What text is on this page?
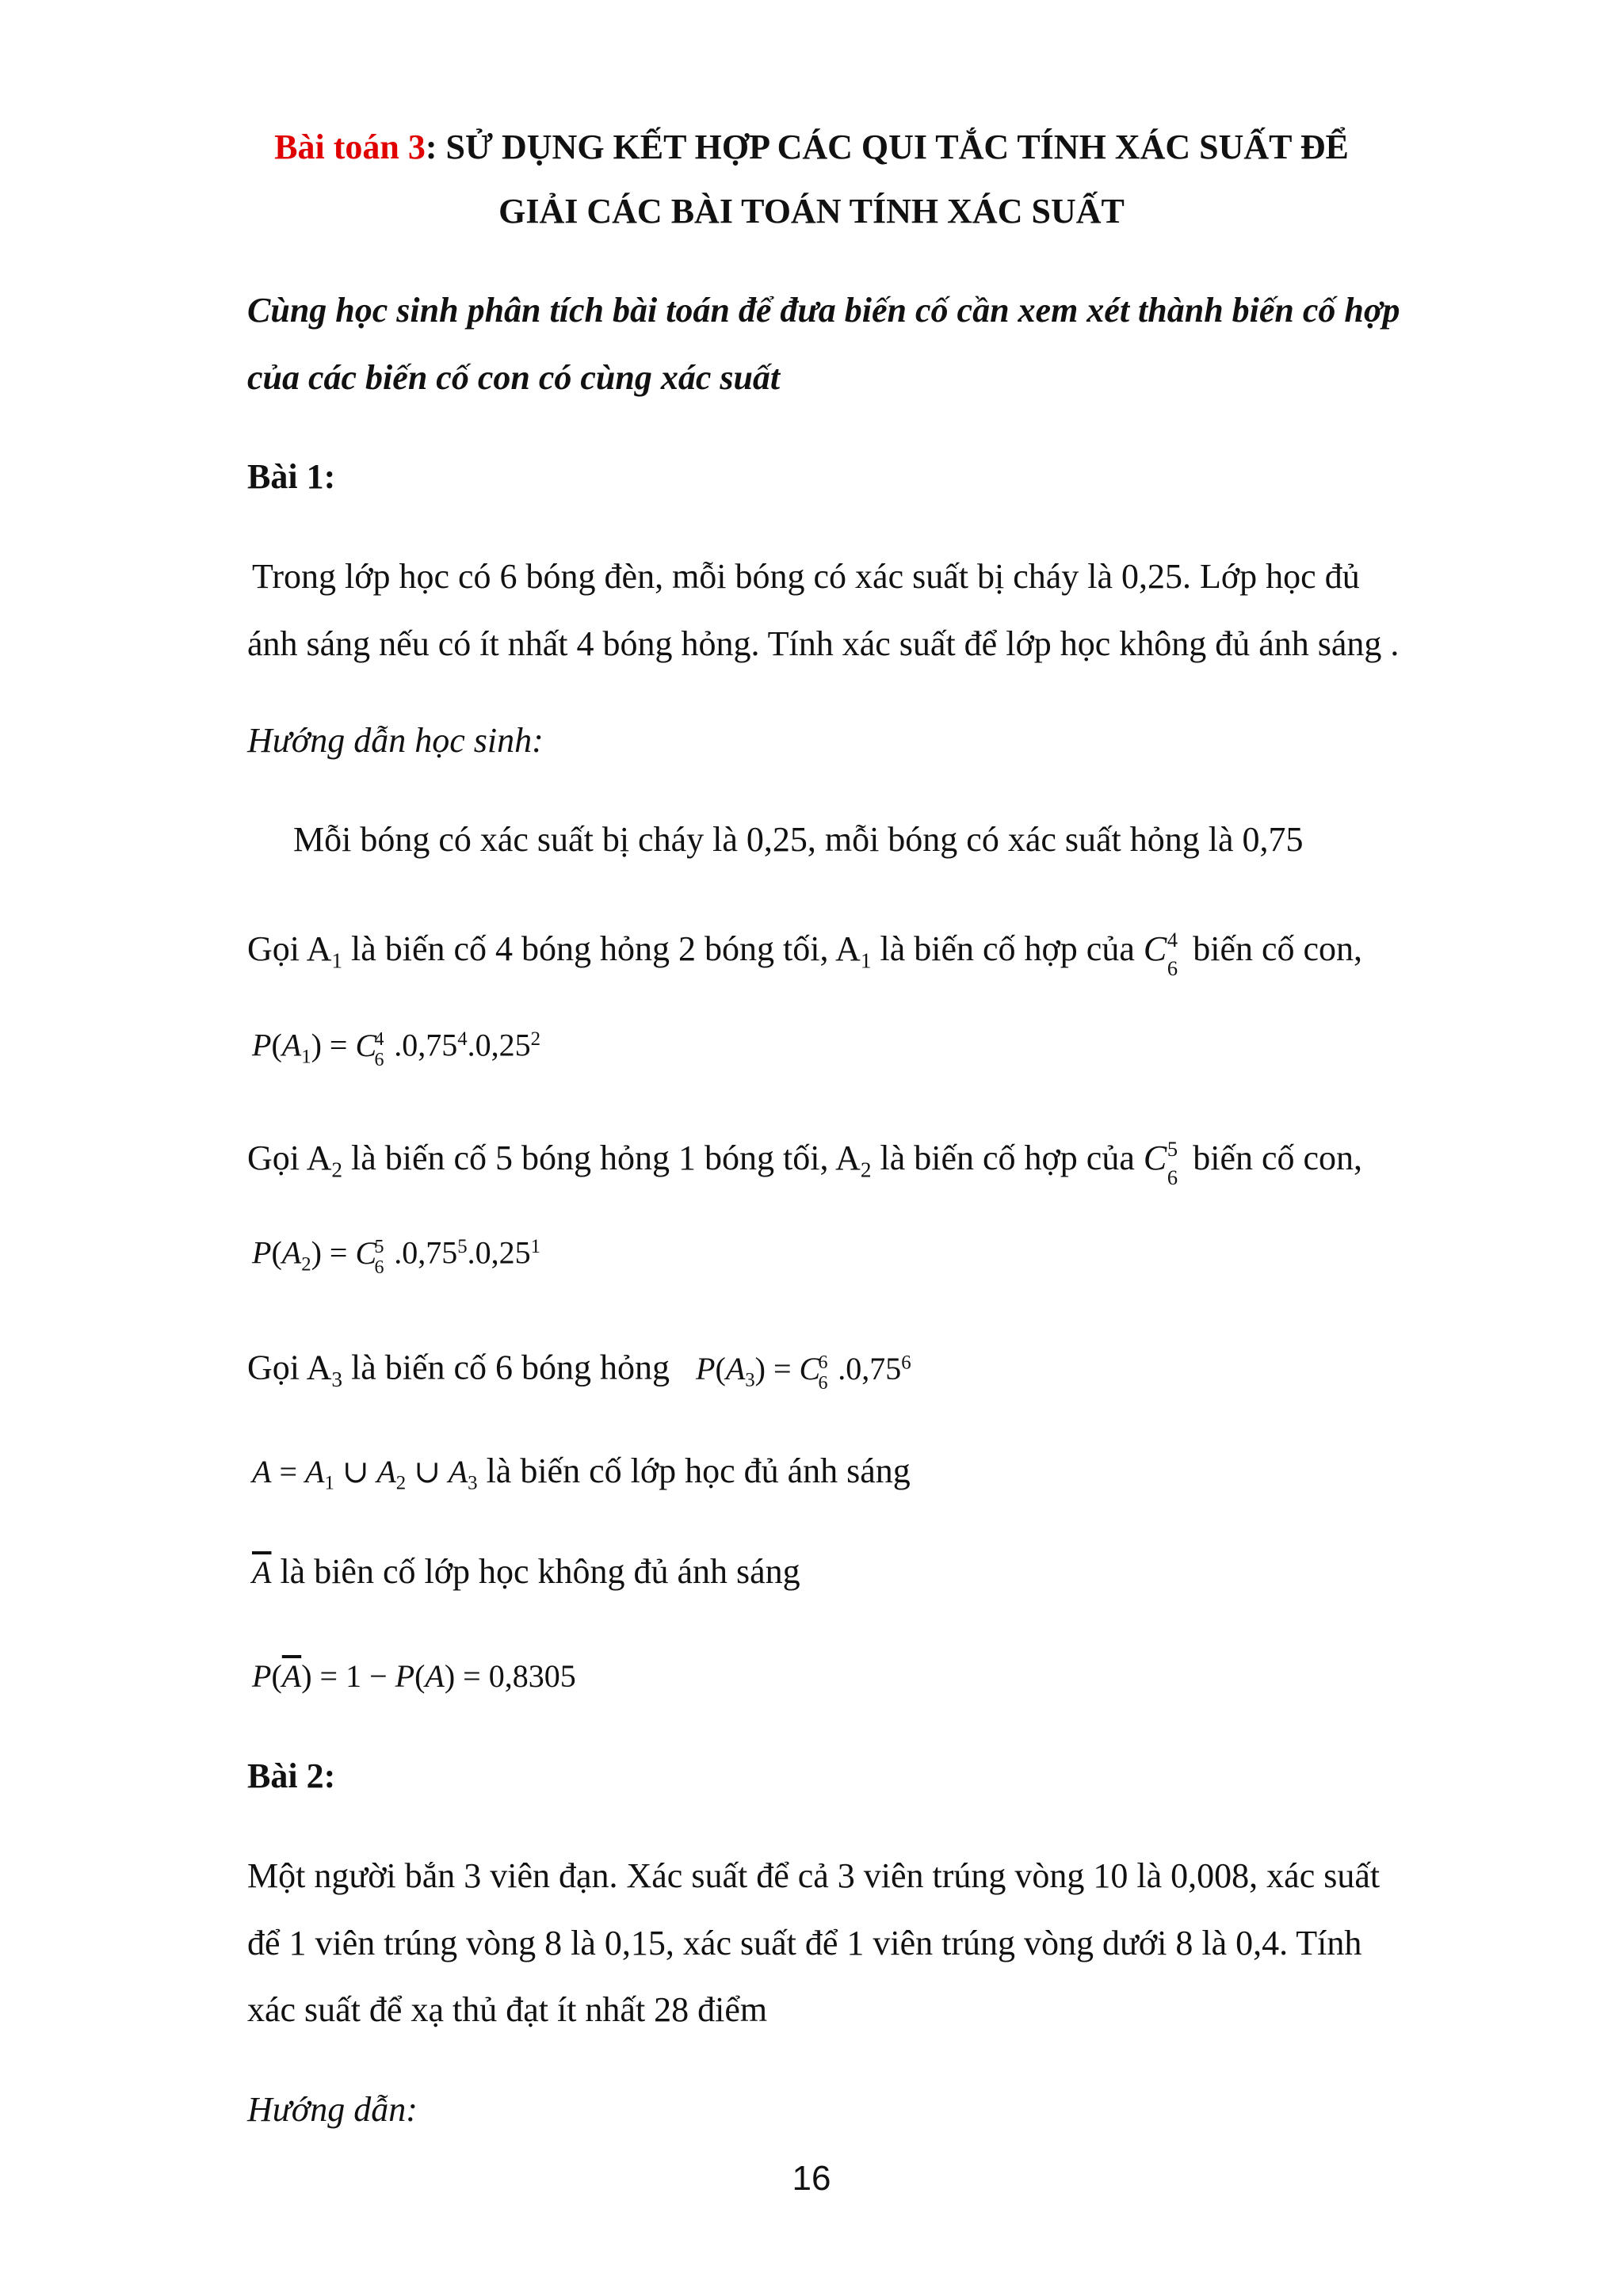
Bài toán 3: SỬ DỤNG KẾT HỢP CÁC QUI TẮC TÍNH XÁC SUẤT ĐỂ
GIẢI CÁC BÀI TOÁN TÍNH XÁC SUẤT
Cùng học sinh phân tích bài toán để đưa biến cố cần xem xét thành biến cố hợp
của các biến cố con có cùng xác suất
Bài 1:
Trong lớp học có 6 bóng đèn, mỗi bóng có xác suất bị cháy là 0,25. Lớp học đủ
ánh sáng nếu có ít nhất 4 bóng hỏng. Tính xác suất để lớp học không đủ ánh sáng .
Hướng dẫn học sinh:
Mỗi bóng có xác suất bị cháy là 0,25, mỗi bóng có xác suất hỏng là 0,75
Gọi $A_1$ là biến cố 4 bóng hỏng 2 bóng tối, $A_1$ là biến cố hợp của C 4
6 biến cố con,
$P(A_1) = C$
4
6 .0,75$^4$.0,25$^2$
Gọi $A_2$ là biến cố 5 bóng hỏng 1 bóng tối, $A_2$ là biến cố hợp của C 5
6 biến cố con,
$P(A_2) = C$
5
6 .0,75$^5$.0,25$^1$
Gọi $A_3$ là biến cố 6 bóng hỏng $P(A_3) = C$
6
6 .0,75$^6$
$A = A_1$ ∪ $A_2$ ∪ $A_3$ là biến cố lớp học đủ ánh sáng
$\overline{A}$ là biên cố lớp học không đủ ánh sáng
$P(\overline{A}) = 1 - P(A) = 0,8305$
Bài 2:
Một người bắn 3 viên đạn. Xác suất để cả 3 viên trúng vòng 10 là 0,008, xác suất
để 1 viên trúng vòng 8 là 0,15, xác suất để 1 viên trúng vòng dưới 8 là 0,4. Tính
xác suất để xạ thủ đạt ít nhất 28 điểm
Hướng dẫn:
16
